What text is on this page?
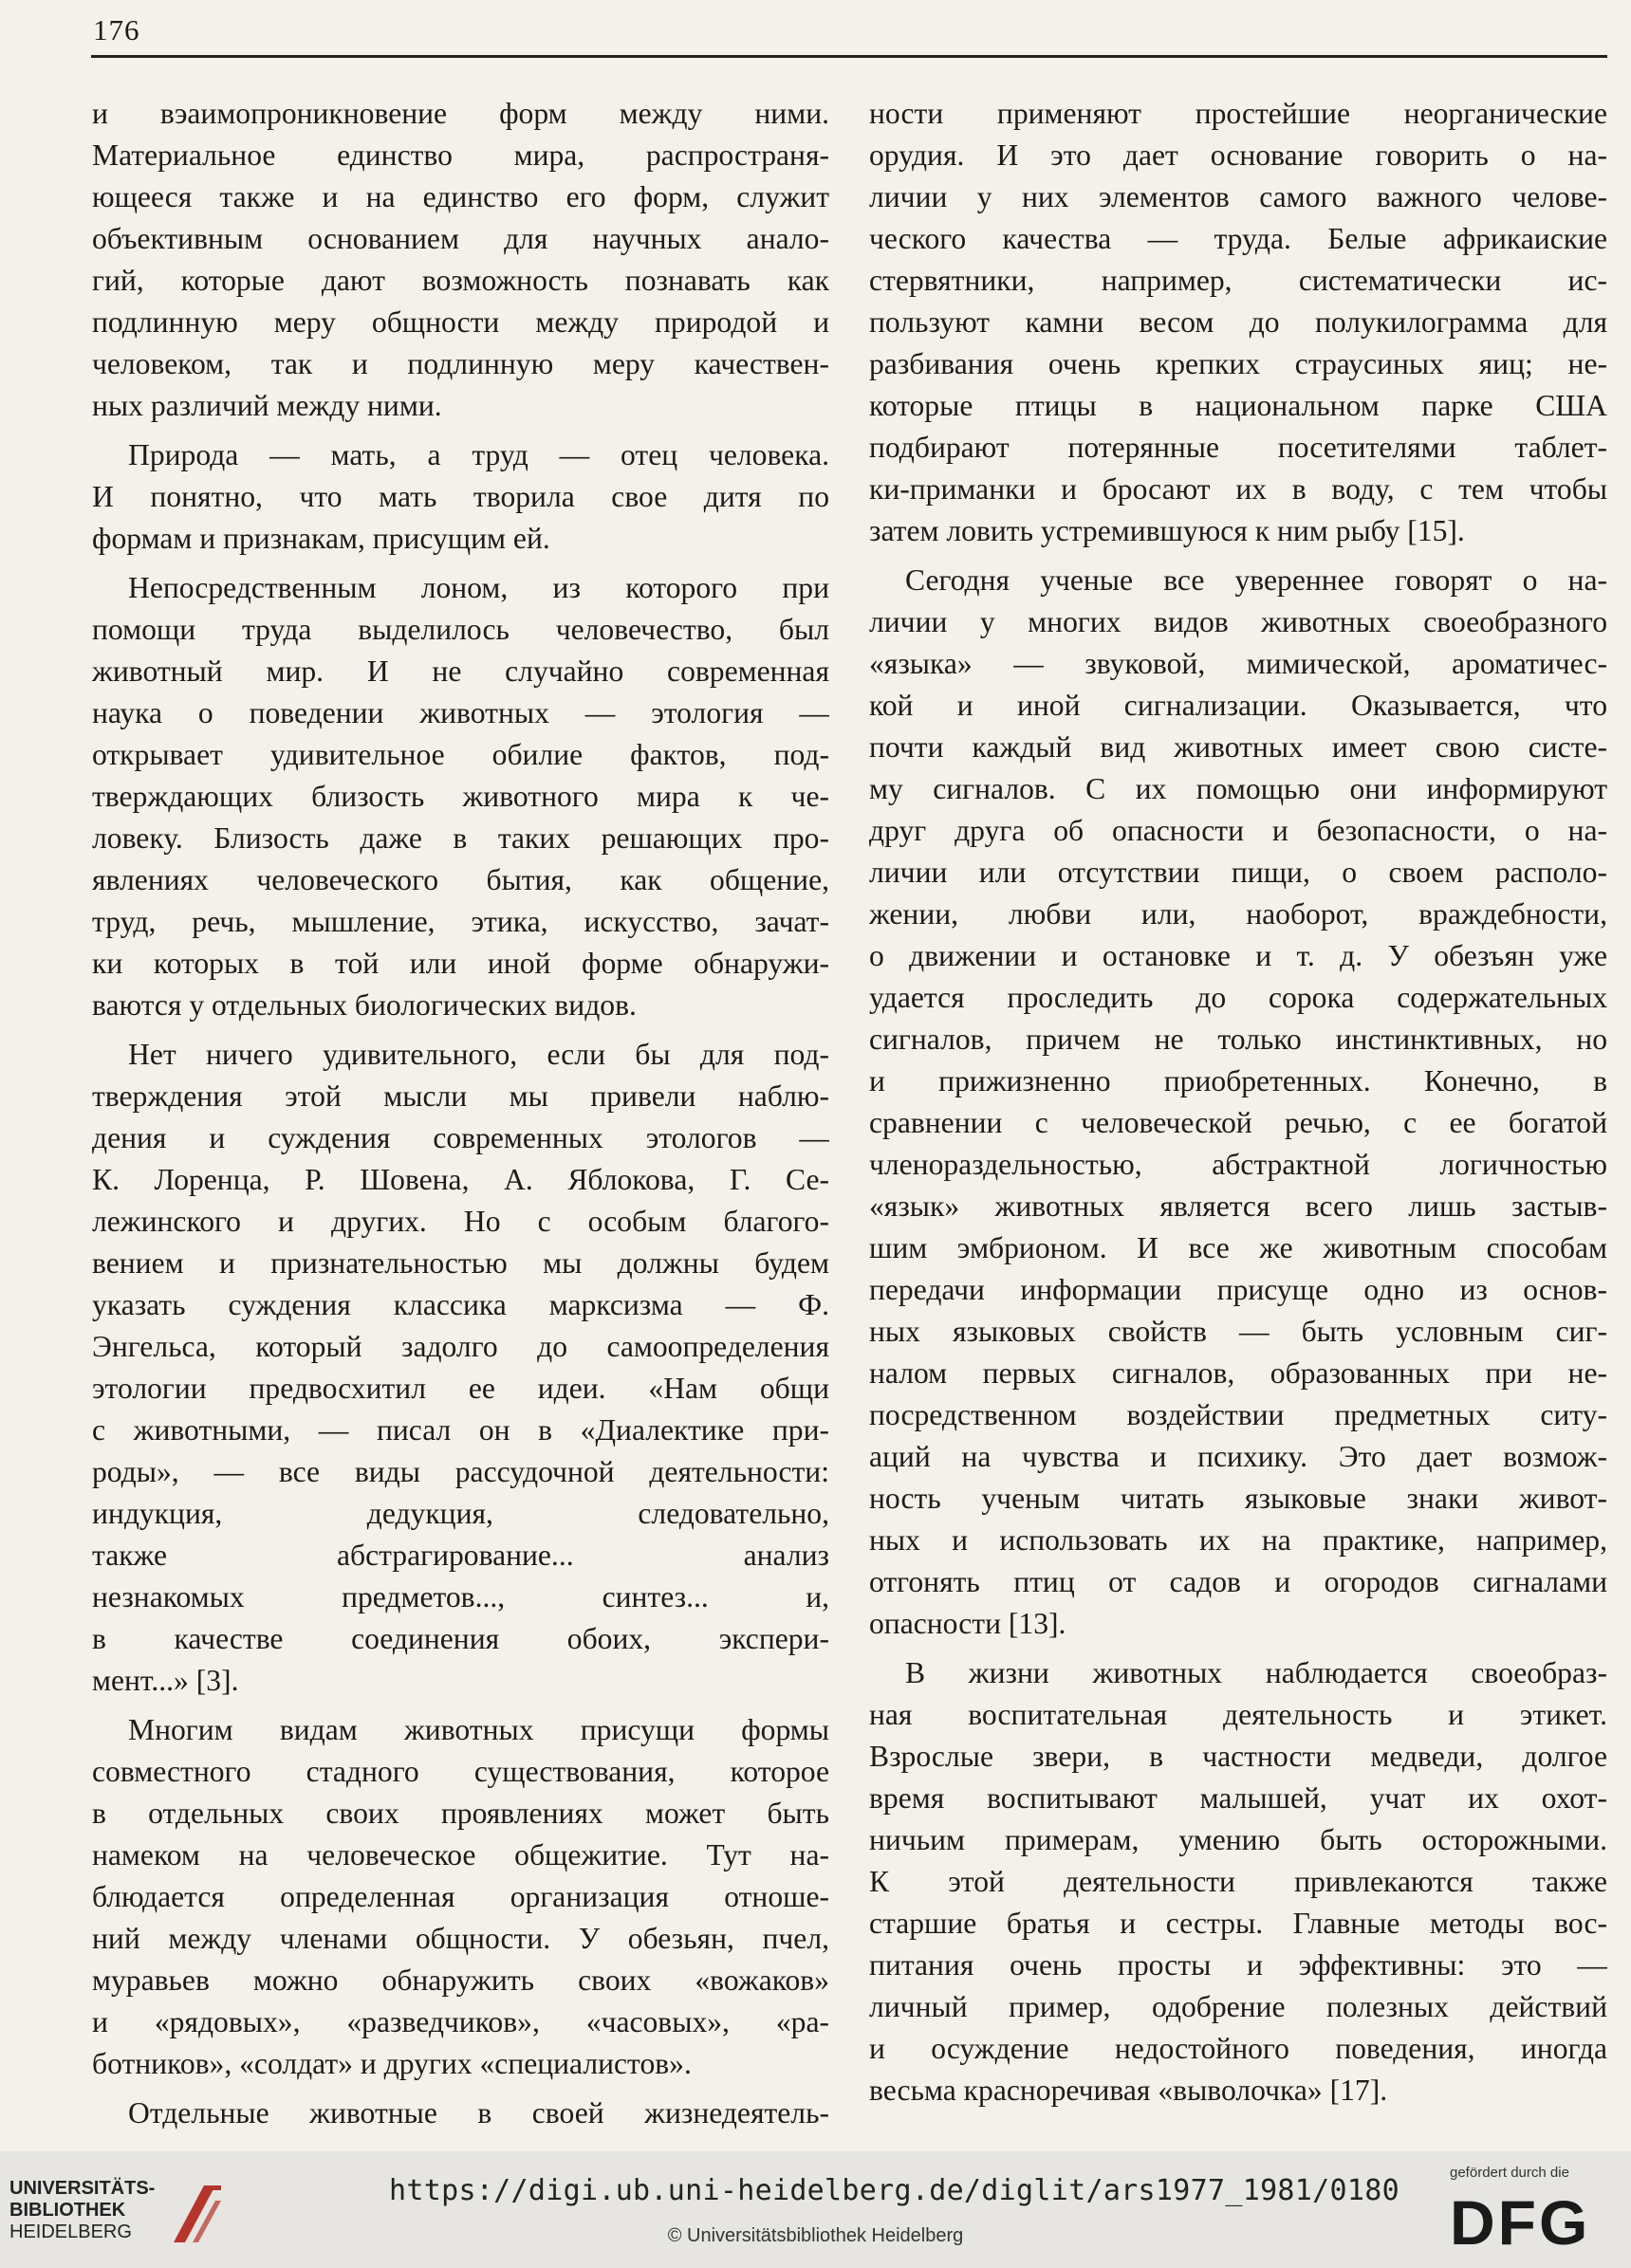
176
и вэаимопроникновение форм между ними.
Материальное единство мира, распространя-
ющееся также и на единство его форм, служит
объективным основанием для научных анало-
гий, которые дают возможность познавать как
подлинную меру общности между природой и
человеком, так и подлинную меру качествен-
ных различий между ними.
Природа — мать, а труд — отец человека.
И понятно, что мать творила свое дитя по
формам и признакам, присущим ей.
Непосредственным лоном, из которого при
помощи труда выделилось человечество, был
животный мир. И не случайно современная
наука о поведении животных — этология —
открывает удивительное обилие фактов, под-
тверждающих близость животного мира к че-
ловеку. Близость даже в таких решающих про-
явлениях человеческого бытия, как общение,
труд, речь, мышление, этика, искусство, зачат-
ки которых в той или иной форме обнаружи-
ваются у отдельных биологических видов.
Нет ничего удивительного, если бы для под-
тверждения этой мысли мы привели наблю-
дения и суждения современных этологов —
К. Лоренца, Р. Шовена, А. Яблокова, Г. Се-
лежинского и других. Но с особым благого-
вением и признательностью мы должны будем
указать суждения классика марксизма — Ф.
Энгельса, который задолго до самоопределения
этологии предвосхитил ее идеи. «Нам общи
с животными, — писал он в «Диалектике при-
роды», — все виды рассудочной деятельности:
индукция, дедукция, следовательно,
также абстрагирование... анализ
незнакомых предметов..., синтез... и,
в качестве соединения обоих, экспери-
мент...» [3].
Многим видам животных присущи формы
совместного стадного существования, которое
в отдельных своих проявлениях может быть
намеком на человеческое общежитие. Тут на-
блюдается определенная организация отноше-
ний между членами общности. У обезьян, пчел,
муравьев можно обнаружить своих «вожаков»
и «рядовых», «разведчиков», «часовых», «ра-
ботников», «солдат» и других «специалистов».
Отдельные животные в своей жизнедеятель-
ности применяют простейшие неорганические
орудия. И это дает основание говорить о на-
личии у них элементов самого важного челове-
ческого качества — труда. Белые африкаиские
стервятники, например, систематически ис-
пользуют камни весом до полукилограмма для
разбивания очень крепких страусиных яиц; не-
которые птицы в национальном парке США
подбирают потерянные посетителями таблет-
ки-приманки и бросают их в воду, с тем чтобы
затем ловить устремившуюся к ним рыбу [15].
Сегодня ученые все увереннее говорят о на-
личии у многих видов животных своеобразного
«языка» — звуковой, мимической, ароматичес-
кой и иной сигнализации. Оказывается, что
почти каждый вид животных имеет свою систе-
му сигналов. С их помощью они информируют
друг друга об опасности и безопасности, о на-
личии или отсутствии пищи, о своем располо-
жении, любви или, наоборот, враждебности,
о движении и остановке и т. д. У обезъян уже
удается проследить до сорока содержательных
сигналов, причем не только инстинктивных, но
и прижизненно приобретенных. Конечно, в
сравнении с человеческой речью, с ее богатой
членораздельностью, абстрактной логичностью
«язык» животных является всего лишь застыв-
шим эмбрионом. И все же животным способам
передачи информации присуще одно из основ-
ных языковых свойств — быть условным сиг-
налом первых сигналов, образованных при не-
посредственном воздействии предметных ситу-
аций на чувства и психику. Это дает возмож-
ность ученым читать языковые знаки живот-
ных и использовать их на практике, например,
отгонять птиц от садов и огородов сигналами
опасности [13].
В жизни животных наблюдается своеобраз-
ная воспитательная деятельность и этикет.
Взрослые звери, в частности медведи, долгое
время воспитывают малышей, учат их охот-
ничьим примерам, умению быть осторожными.
К этой деятельности привлекаются также
старшие братья и сестры. Главные методы вос-
питания очень просты и эффективны: это —
личный пример, одобрение полезных действий
и осуждение недостойного поведения, иногда
весьма красноречивая «выволочка» [17].
UNIVERSITÄTS-
BIBLIOTHEK
HEIDELBERG
https://digi.ub.uni-heidelberg.de/diglit/ars1977_1981/0180
© Universitätsbibliothek Heidelberg
gefördert durch die
DFG
